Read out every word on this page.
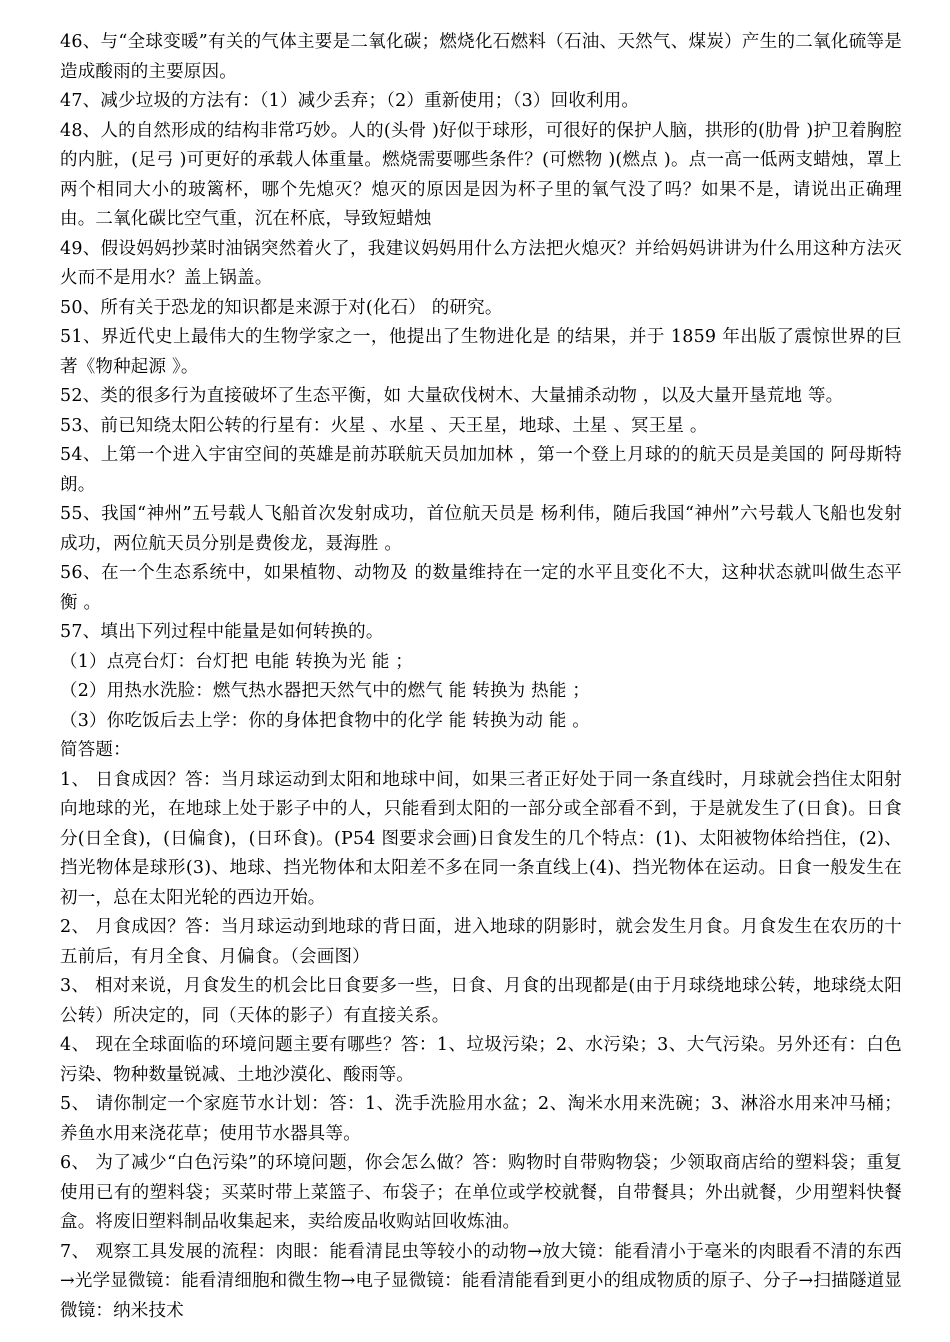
46、与“全球变暖”有关的气体主要是二氧化碳；燃烧化石燃料（石油、天然气、煤炭）产生的二氧化硫等是造成酸雨的主要原因。

47、减少垃圾的方法有：（1）减少丢弃；（2）重新使用；（3）回收利用。

48、人的自然形成的结构非常巧妙。人的(头骨 )好似于球形，可很好的保护人脑，拱形的(肋骨 )护卫着胸腔的内脏，(足弓 )可更好的承载人体重量。燃烧需要哪些条件？(可燃物 )(燃点 )。点一高一低两支蜡烛，罩上两个相同大小的玻篱杯，哪个先熄灭？熄灭的原因是因为杯子里的氧气没了吗？如果不是，请说出正确理由。二氧化碳比空气重，沉在杯底，导致短蜡烛

49、假设妈妈抄菜时油锅突然着火了，我建议妈妈用什么方法把火熄灭？并给妈妈讲讲为什么用这种方法灭火而不是用水？盖上锅盖。

50、所有关于恐龙的知识都是来源于对(化石） 的研究。

51、界近代史上最伟大的生物学家之一，他提出了生物进化是 的结果，并于 1859 年出版了震惊世界的巨著《物种起源 》。

52、类的很多行为直接破坏了生态平衡，如 大量砍伐树木、大量捕杀动物 ，以及大量开垦荒地 等。

53、前已知绕太阳公转的行星有：火星 、水星 、天王星，地球、土星 、冥王星 。

54、上第一个进入宇宙空间的英雄是前苏联航天员加加林 ，第一个登上月球的的航天员是美国的 阿母斯特朗。

55、我国“神州”五号载人飞船首次发射成功，首位航天员是 杨利伟，随后我国“神州”六号载人飞船也发射成功，两位航天员分别是费俊龙，聂海胜 。

56、在一个生态系统中，如果植物、动物及 的数量维持在一定的水平且变化不大，这种状态就叫做生态平衡 。

57、填出下列过程中能量是如何转换的。

（1）点亮台灯：台灯把 电能 转换为光 能 ；

（2）用热水洗脸：燃气热水器把天然气中的燃气 能 转换为 热能 ；

（3）你吃饭后去上学：你的身体把食物中的化学 能 转换为动 能 。

简答题：

1、 日食成因？答：当月球运动到太阳和地球中间，如果三者正好处于同一条直线时，月球就会挡住太阳射向地球的光，在地球上处于影子中的人，只能看到太阳的一部分或全部看不到，于是就发生了(日食)。日食分(日全食)，(日偏食)，(日环食)。(P54 图要求会画)日食发生的几个特点：(1)、太阳被物体给挡住，(2)、挡光物体是球形(3)、地球、挡光物体和太阳差不多在同一条直线上(4)、挡光物体在运动。日食一般发生在初一，总在太阳光轮的西边开始。

2、 月食成因？答：当月球运动到地球的背日面，进入地球的阴影时，就会发生月食。月食发生在农历的十五前后，有月全食、月偏食。（会画图）

3、 相对来说，月食发生的机会比日食要多一些，日食、月食的出现都是(由于月球绕地球公转，地球绕太阳公转）所决定的，同（天体的影子）有直接关系。

4、 现在全球面临的环境问题主要有哪些？答：1、垃圾污染；2、水污染；3、大气污染。另外还有：白色污染、物种数量锐减、土地沙漠化、酸雨等。

5、 请你制定一个家庭节水计划：答：1、洗手洗脸用水盆；2、淘米水用来洗碗；3、淋浴水用来冲马桶；养鱼水用来浇花草；使用节水器具等。

6、 为了减少“白色污染”的环境问题，你会怎么做？答：购物时自带购物袋；少领取商店给的塑料袋；重复使用已有的塑料袋；买菜时带上菜篮子、布袋子；在单位或学校就餐，自带餐具；外出就餐，少用塑料快餐盒。将废旧塑料制品收集起来，卖给废品收购站回收炼油。

7、 观察工具发展的流程：肉眼：能看清昆虫等较小的动物→放大镜：能看清小于毫米的肉眼看不清的东西→光学显微镜：能看清细胞和微生物→电子显微镜：能看清能看到更小的组成物质的原子、分子→扫描隧道显微镜：纳米技术
